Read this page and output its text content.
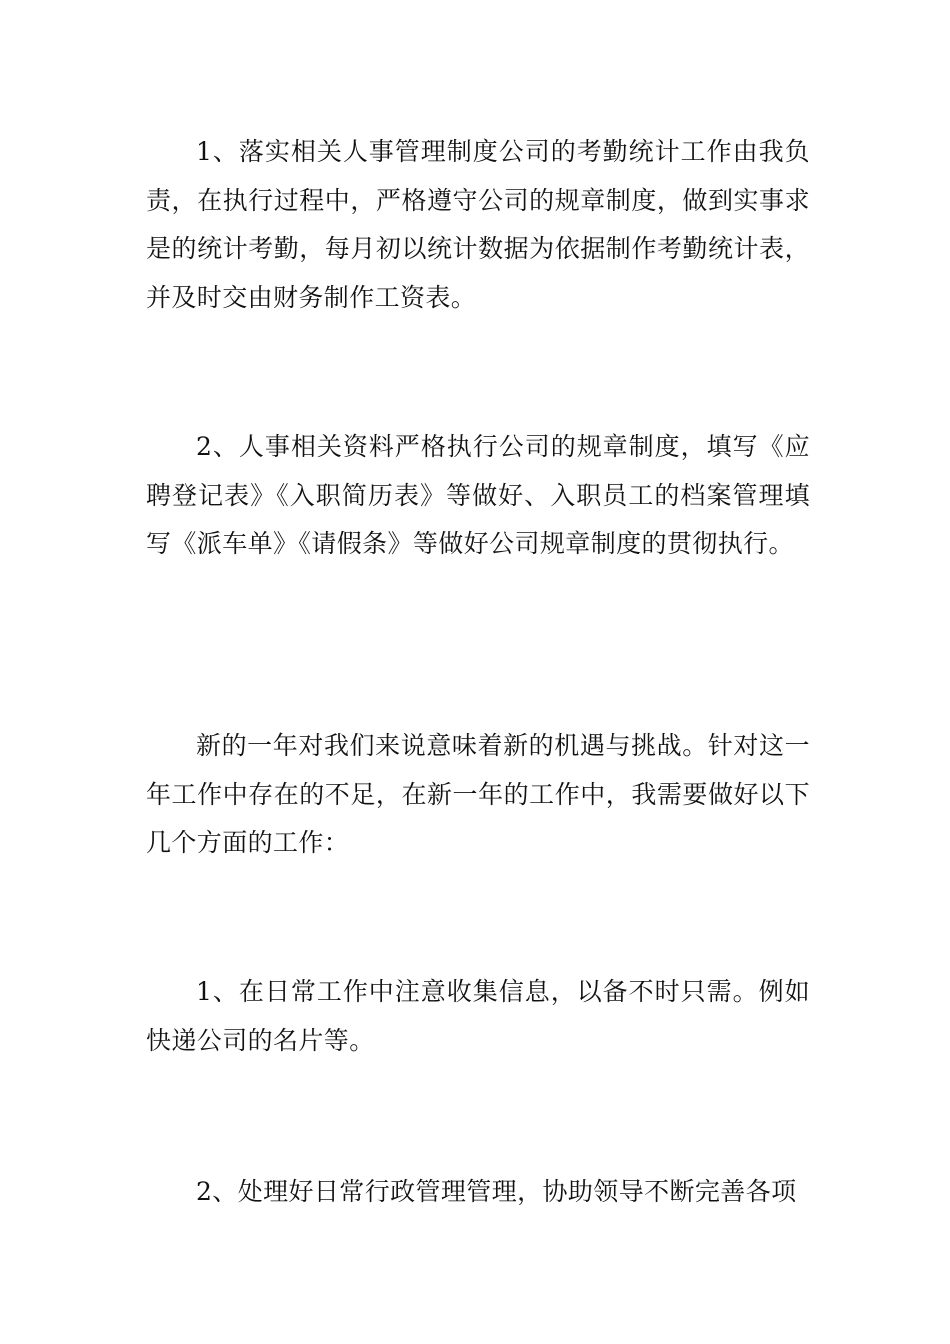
1、落实相关人事管理制度公司的考勤统计工作由我负责，在执行过程中，严格遵守公司的规章制度，做到实事求是的统计考勤，每月初以统计数据为依据制作考勤统计表，并及时交由财务制作工资表。

2、人事相关资料严格执行公司的规章制度，填写《应聘登记表》《入职简历表》等做好、入职员工的档案管理填写《派车单》《请假条》等做好公司规章制度的贯彻执行。

新的一年对我们来说意味着新的机遇与挑战。针对这一年工作中存在的不足，在新一年的工作中，我需要做好以下几个方面的工作：

1、在日常工作中注意收集信息，以备不时只需。例如快递公司的名片等。

2、处理好日常行政管理管理，协助领导不断完善各项
